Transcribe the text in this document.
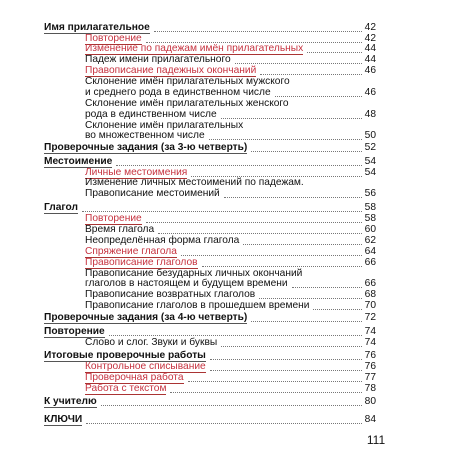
Имя прилагательное	42
Повторение	42
Изменение по падежам имён прилагательных	44
Падеж имени прилагательного	44
Правописание падежных окончаний	46
Склонение имён прилагательных мужского
и среднего рода в единственном числе	46
Склонение имён прилагательных женского
рода в единственном числе	48
Склонение имён прилагательных
во множественном числе	50
Проверочные задания (за 3-ю четверть)	52
Местоимение	54
Личные местоимения	54
Изменение личных местоимений по падежам.
Правописание местоимений	56
Глагол	58
Повторение	58
Время глагола	60
Неопределённая форма глагола	62
Спряжение глагола	64
Правописание глаголов	66
Правописание безударных личных окончаний
глаголов в настоящем и будущем времени	66
Правописание возвратных глаголов	68
Правописание глаголов в прошедшем времени	70
Проверочные задания (за 4-ю четверть)	72
Повторение	74
Слово и слог. Звуки и буквы	74
Итоговые проверочные работы	76
Контрольное списывание	76
Проверочная работа	77
Работа с текстом	78
К учителю	80
КЛЮЧИ	84
111
